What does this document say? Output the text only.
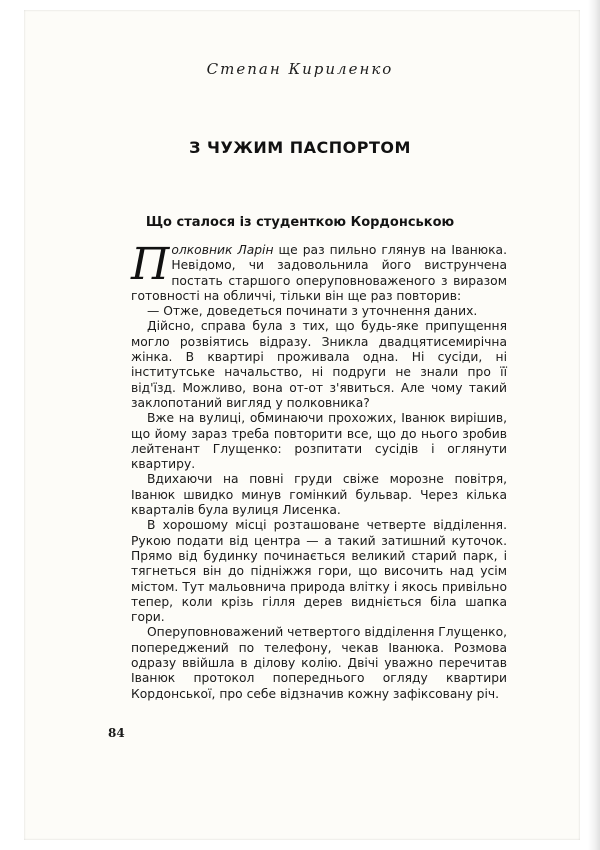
Степан Кириленко
З ЧУЖИМ ПАСПОРТОМ
Що сталося із студенткою Кордонською

Полковник Ларін ще раз пильно глянув на Іванюка. Невідомо, чи задовольнила його виструнчена постать старшого оперуповноваженого з виразом готовності на обличчі, тільки він ще раз повторив:

— Отже, доведеться починати з уточнення даних.

Дійсно, справа була з тих, що будь-яке припущення могло розвіятись відразу. Зникла двадцятисемирічна жінка. В квартирі проживала одна. Ні сусіди, ні інститутське начальство, ні подруги не знали про її від'їзд. Можливо, вона от-от з'явиться. Але чому такий заклопотаний вигляд у полковника?

Вже на вулиці, обминаючи прохожих, Іванюк вирішив, що йому зараз треба повторити все, що до нього зробив лейтенант Глущенко: розпитати сусідів і оглянути квартиру.

Вдихаючи на повні груди свіже морозне повітря, Іванюк швидко минув гомінкий бульвар. Через кілька кварталів була вулиця Лисенка.

В хорошому місці розташоване четверте відділення. Рукою подати від центра — а такий затишний куточок. Прямо від будинку починається великий старий парк, і тягнеться він до підніжжя гори, що височить над усім містом. Тут мальовнича природа влітку і якось привільно тепер, коли крізь гілля дерев видніється біла шапка гори.

Оперуповноважений четвертого відділення Глущенко, попереджений по телефону, чекав Іванюка. Розмова одразу ввійшла в ділову колію. Двічі уважно перечитав Іванюк протокол попереднього огляду квартири Кордонської, про себе відзначив кожну зафіксовану річ.

84
